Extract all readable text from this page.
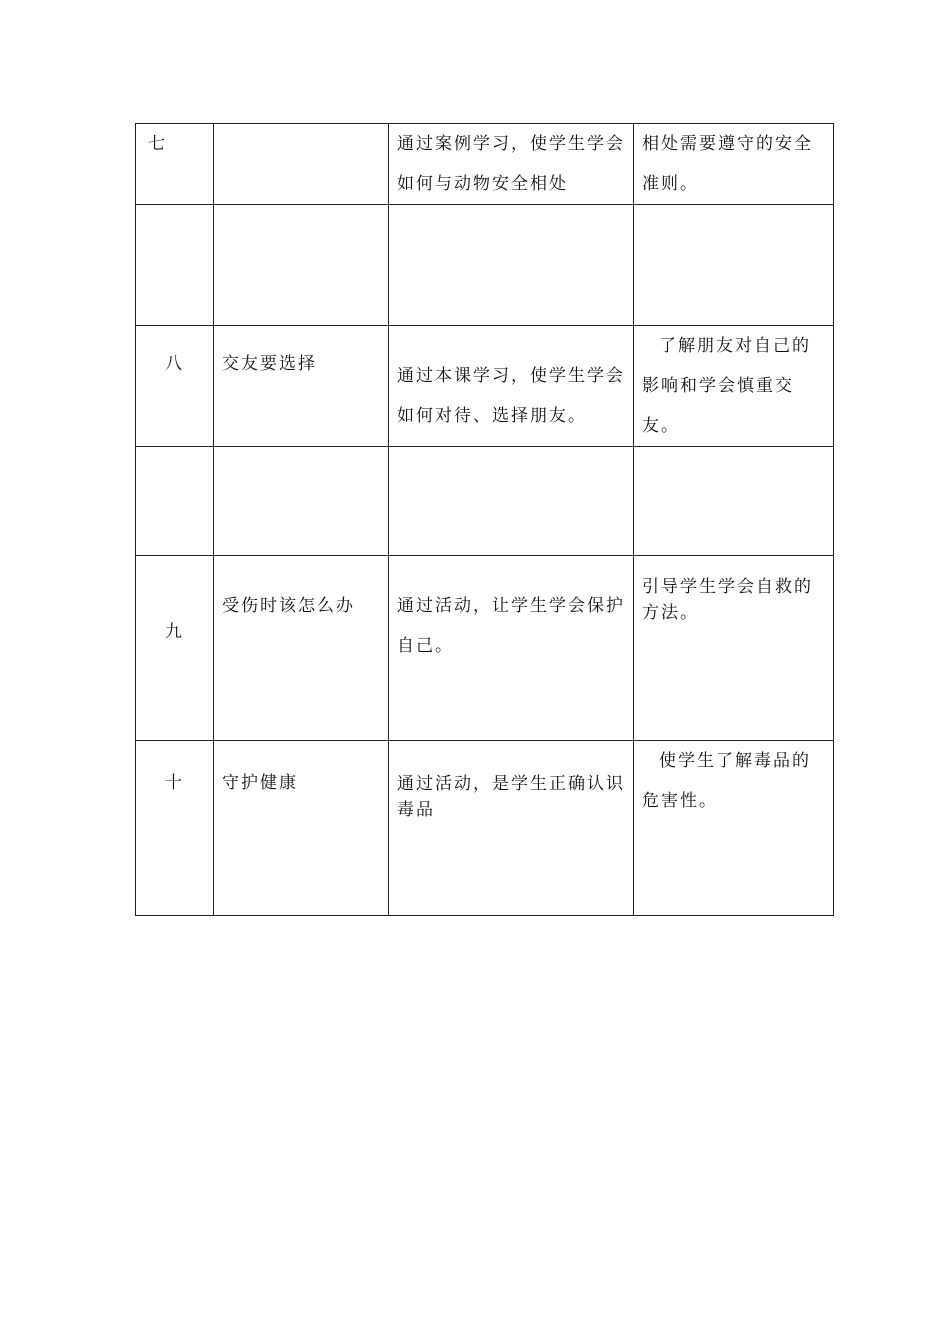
七		通过案例学习，使学生学会如何与动物安全相处	相处需要遵守的安全准则。

八	交友要选择	通过本课学习，使学生学会如何对待、选择朋友。	了解朋友对自己的影响和学会慎重交友。

九	受伤时该怎么办	通过活动，让学生学会保护自己。	引导学生学会自救的方法。

十	守护健康	通过活动，是学生正确认识毒品	使学生了解毒品的危害性。
